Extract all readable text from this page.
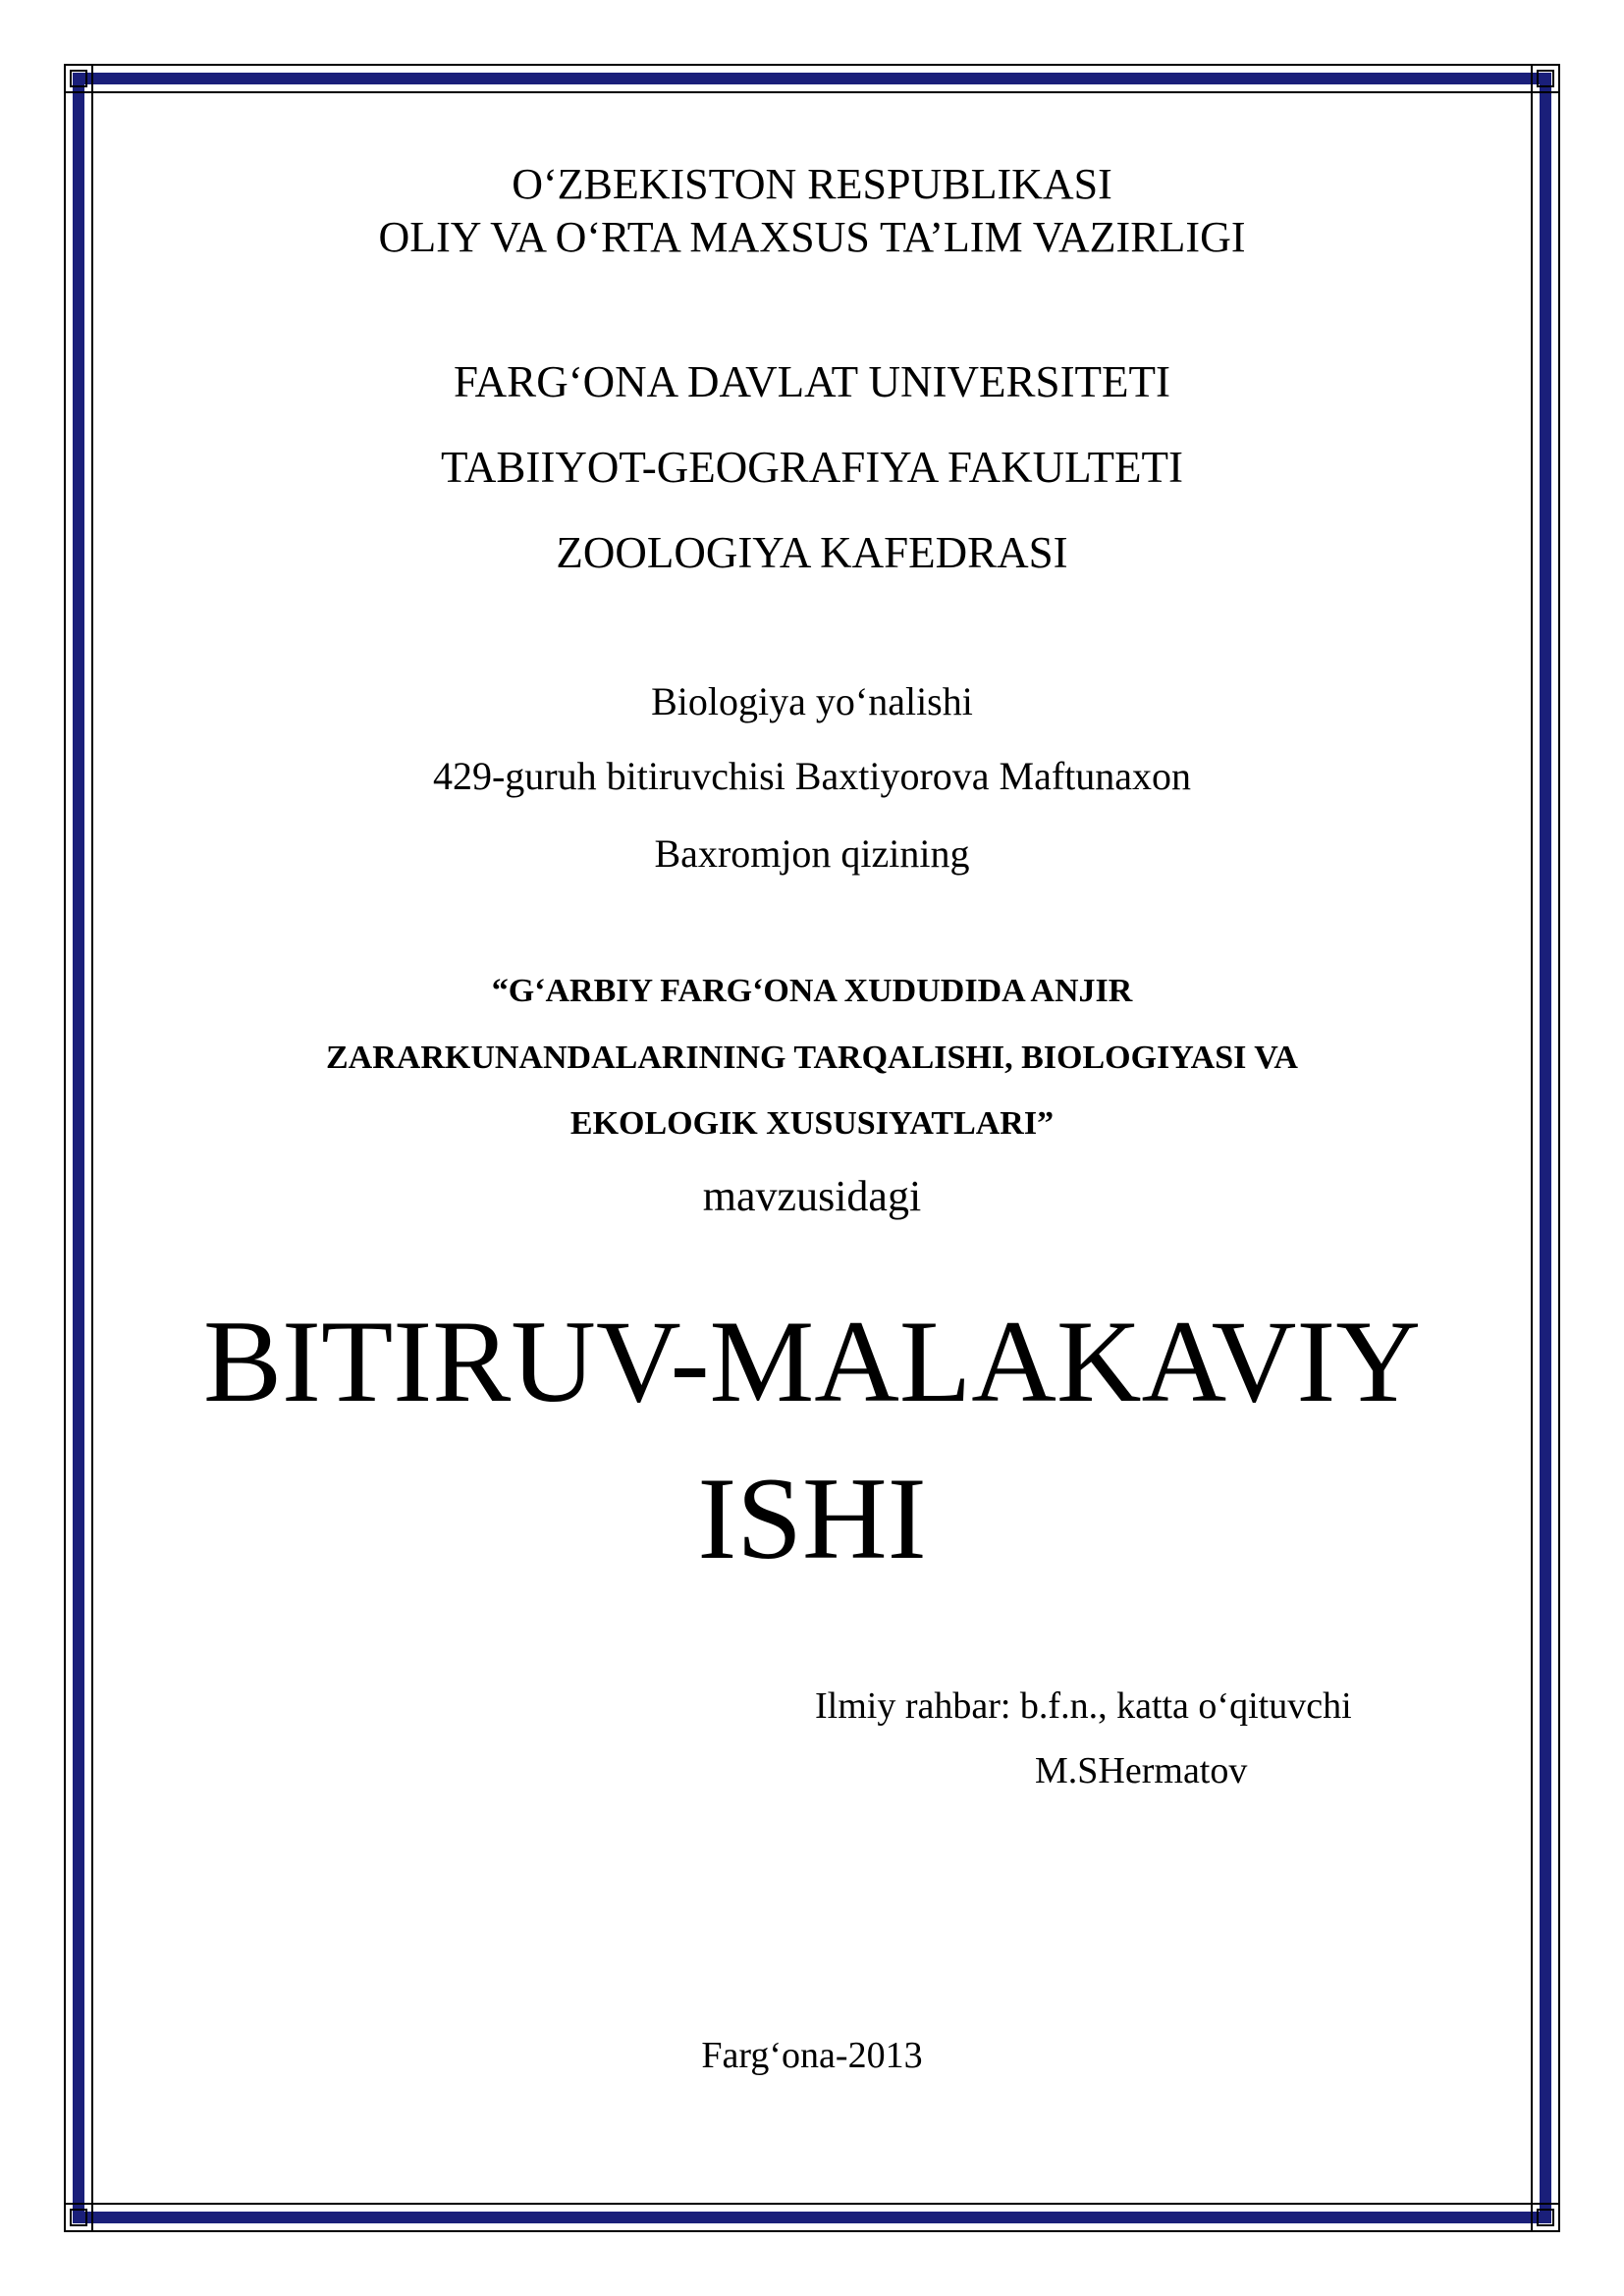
O‘ZBEKISTON RESPUBLIKASI
OLIY VA O‘RTA MAXSUS TA’LIM VAZIRLIGI
FARG‘ONA DAVLAT UNIVERSITETI
TABIIYOT-GEOGRAFIYA FAKULTETI
ZOOLOGIYA KAFEDRASI
Biologiya yo‘nalishi
429-guruh bitiruvchisi Baxtiyorova Maftunaxon
Baxromjon qizining
“G‘ARBIY FARG‘ONA XUDUDIDA ANJIR
ZARARKUNANDALARINING TARQALISHI, BIOLOGIYASI VA
EKOLOGIK XUSUSIYATLARI”
mavzusidagi
BITIRUV-MALAKAVIY
ISHI
Ilmiy rahbar: b.f.n., katta o‘qituvchi
M.SHermatov
Farg‘ona-2013
